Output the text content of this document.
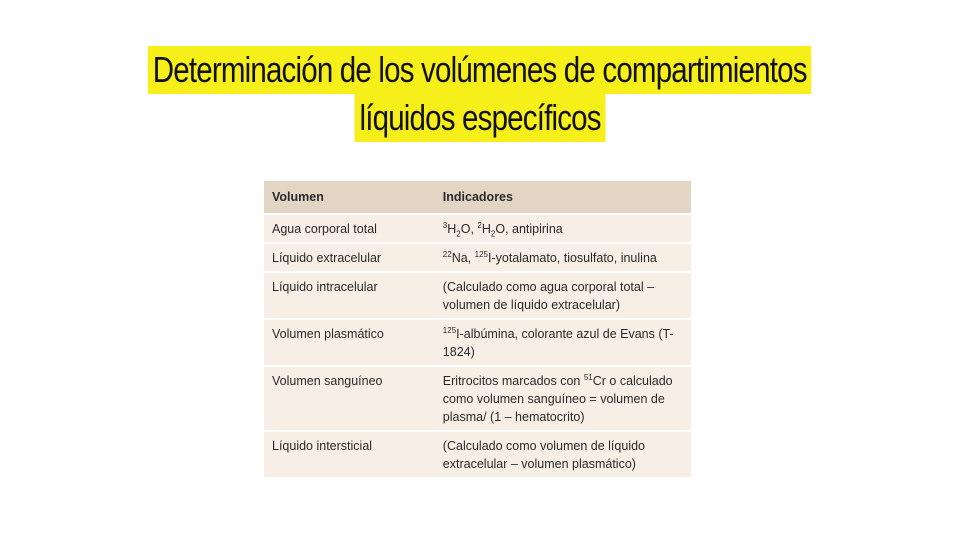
Determinación de los volúmenes de compartimientos
líquidos específicos
Volumen	Indicadores
Agua corporal total	$^3H_2O$, $^2H_2O$, antipirina
Líquido extracelular	$^{22}$Na, $^{125}$I-yotalamato, tiosulfato, inulina
Líquido intracelular	(Calculado como agua corporal total – volumen de líquido extracelular)
Volumen plasmático	$^{125}$I-albúmina, colorante azul de Evans (T-1824)
Volumen sanguíneo	Eritrocitos marcados con $^{51}$Cr o calculado como volumen sanguíneo = volumen de plasma/ (1 – hematocrito)
Líquido intersticial	(Calculado como volumen de líquido extracelular – volumen plasmático)
